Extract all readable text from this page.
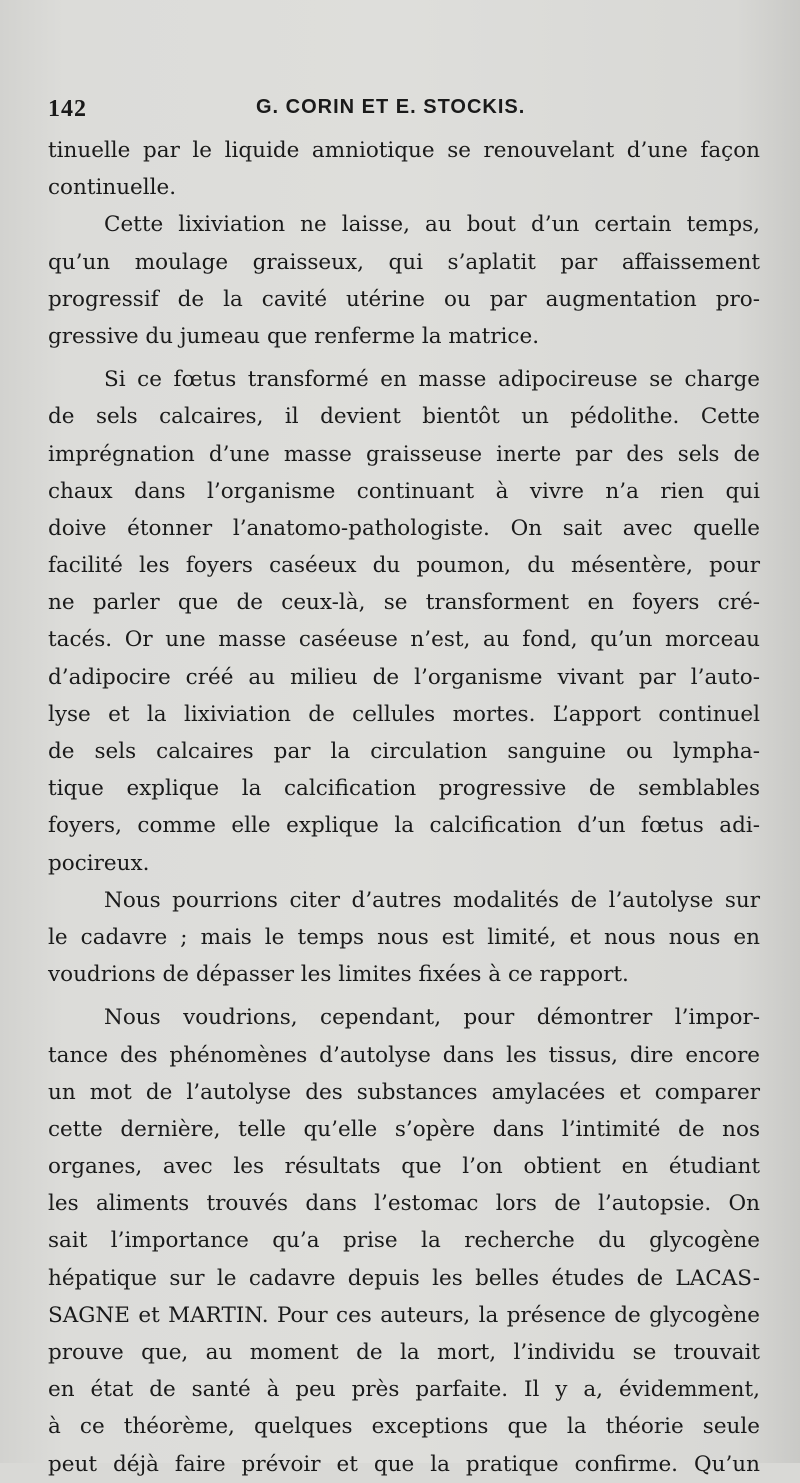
142	G. CORIN ET E. STOCKIS.
tinuelle par le liquide amniotique se renouvelant d’une façon
continuelle.
Cette lixiviation ne laisse, au bout d’un certain temps,
qu’un moulage graisseux, qui s’aplatit par affaissement
progressif de la cavité utérine ou par augmentation pro-
gressive du jumeau que renferme la matrice.
Si ce fœtus transformé en masse adipocireuse se charge
de sels calcaires, il devient bientôt un pédolithe. Cette
imprégnation d’une masse graisseuse inerte par des sels de
chaux dans l’organisme continuant à vivre n’a rien qui
doive étonner l’anatomo-pathologiste. On sait avec quelle
facilité les foyers caséeux du poumon, du mésentère, pour
ne parler que de ceux-là, se transforment en foyers cré-
tacés. Or une masse caséeuse n’est, au fond, qu’un morceau
d’adipocire créé au milieu de l’organisme vivant par l’auto-
lyse et la lixiviation de cellules mortes. L’apport continuel
de sels calcaires par la circulation sanguine ou lympha-
tique explique la calcification progressive de semblables
foyers, comme elle explique la calcification d’un fœtus adi-
pocireux.
Nous pourrions citer d’autres modalités de l’autolyse sur
le cadavre ; mais le temps nous est limité, et nous nous en
voudrions de dépasser les limites fixées à ce rapport.
Nous voudrions, cependant, pour démontrer l’impor-
tance des phénomènes d’autolyse dans les tissus, dire encore
un mot de l’autolyse des substances amylacées et comparer
cette dernière, telle qu’elle s’opère dans l’intimité de nos
organes, avec les résultats que l’on obtient en étudiant
les aliments trouvés dans l’estomac lors de l’autopsie. On
sait l’importance qu’a prise la recherche du glycogène
hépatique sur le cadavre depuis les belles études de LACAS-
SAGNE et MARTIN. Pour ces auteurs, la présence de glycogène
prouve que, au moment de la mort, l’individu se trouvait
en état de santé à peu près parfaite. Il y a, évidemment,
à ce théorème, quelques exceptions que la théorie seule
peut déjà faire prévoir et que la pratique confirme. Qu’un
